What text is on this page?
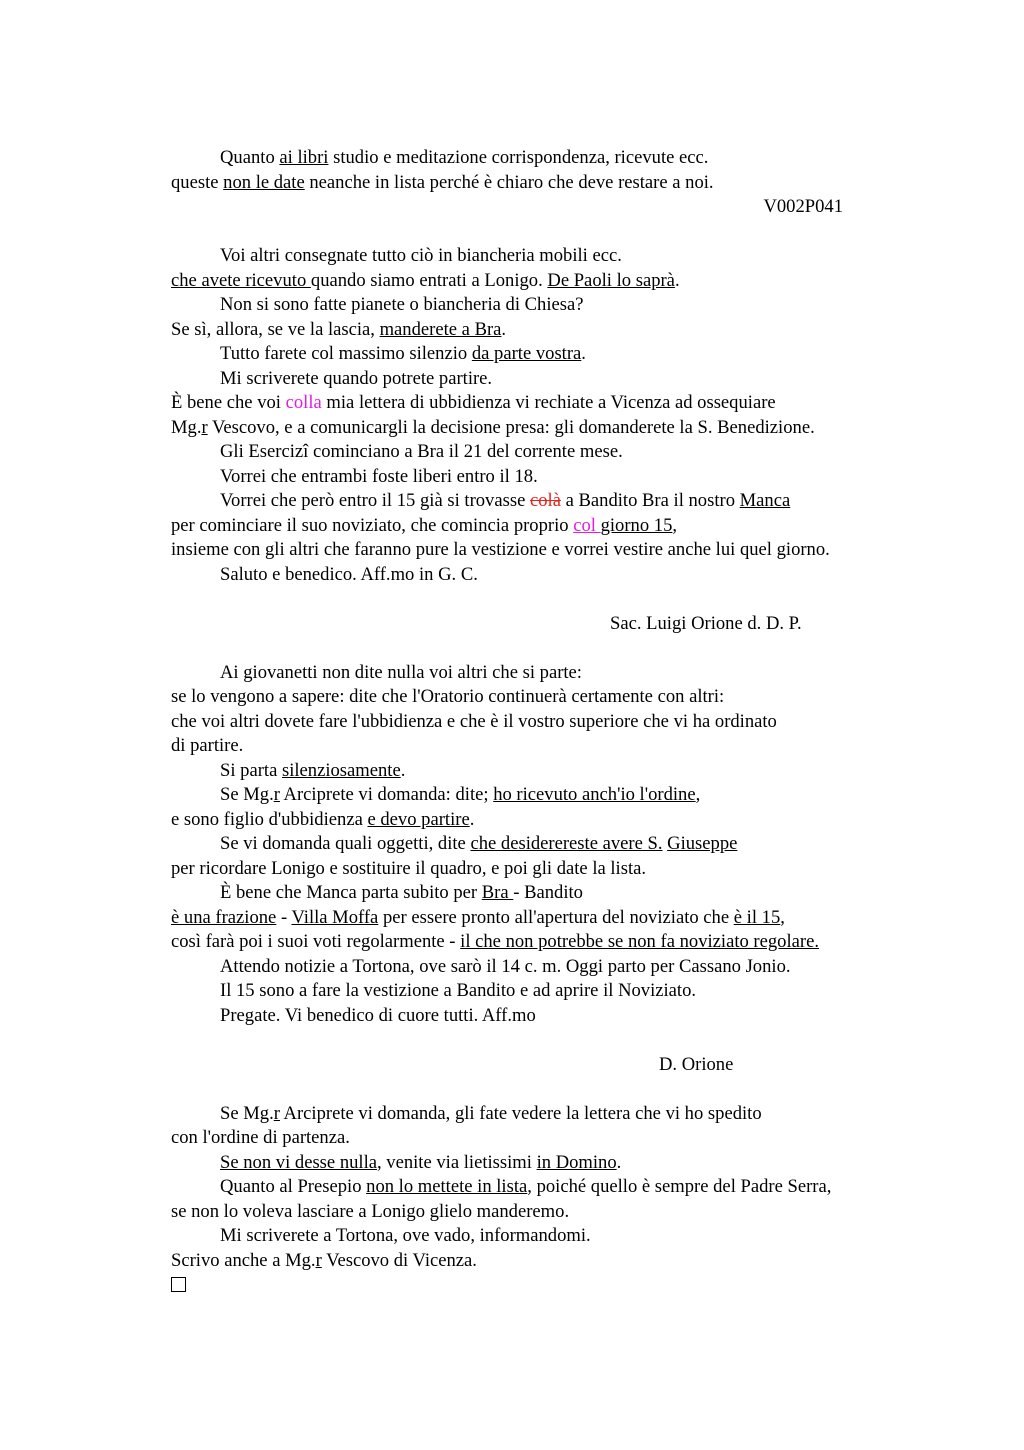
Quanto ai libri studio e meditazione corrispondenza, ricevute ecc.
queste non le date neanche in lista perché è chiaro che deve restare a noi.
V002P041
Voi altri consegnate tutto ciò in biancheria mobili ecc.
che avete ricevuto quando siamo entrati a Lonigo. De Paoli lo saprà.
Non si sono fatte pianete o biancheria di Chiesa?
Se sì, allora, se ve la lascia, manderete a Bra.
Tutto farete col massimo silenzio da parte vostra.
Mi scriverete quando potrete partire.
È bene che voi colla mia lettera di ubbidienza vi rechiate a Vicenza ad ossequiare
Mg.r Vescovo, e a comunicargli la decisione presa: gli domanderete la S. Benedizione.
Gli Esercizî cominciano a Bra il 21 del corrente mese.
Vorrei che entrambi foste liberi entro il 18.
Vorrei che però entro il 15 già si trovasse colà a Bandito Bra il nostro Manca
per cominciare il suo noviziato, che comincia proprio col giorno 15,
insieme con gli altri che faranno pure la vestizione e vorrei vestire anche lui quel giorno.
Saluto e benedico. Aff.mo in G. C.
Sac. Luigi Orione d. D. P.
Ai giovanetti non dite nulla voi altri che si parte:
se lo vengono a sapere: dite che l'Oratorio continuerà certamente con altri:
che voi altri dovete fare l'ubbidienza e che è il vostro superiore che vi ha ordinato
di partire.
Si parta silenziosamente.
Se Mg.r Arciprete vi domanda: dite; ho ricevuto anch'io l'ordine,
e sono figlio d'ubbidienza e devo partire.
Se vi domanda quali oggetti, dite che desiderereste avere S. Giuseppe
per ricordare Lonigo e sostituire il quadro, e poi gli date la lista.
È bene che Manca parta subito per Bra - Bandito
è una frazione - Villa Moffa per essere pronto all'apertura del noviziato che è il 15,
così farà poi i suoi voti regolarmente - il che non potrebbe se non fa noviziato regolare.
Attendo notizie a Tortona, ove sarò il 14 c. m. Oggi parto per Cassano Jonio.
Il 15 sono a fare la vestizione a Bandito e ad aprire il Noviziato.
Pregate. Vi benedico di cuore tutti. Aff.mo
D. Orione
Se Mg.r Arciprete vi domanda, gli fate vedere la lettera che vi ho spedito
con l'ordine di partenza.
Se non vi desse nulla, venite via lietissimi in Domino.
Quanto al Presepio non lo mettete in lista, poiché quello è sempre del Padre Serra,
se non lo voleva lasciare a Lonigo glielo manderemo.
Mi scriverete a Tortona, ove vado, informandomi.
Scrivo anche a Mg.r Vescovo di Vicenza.
